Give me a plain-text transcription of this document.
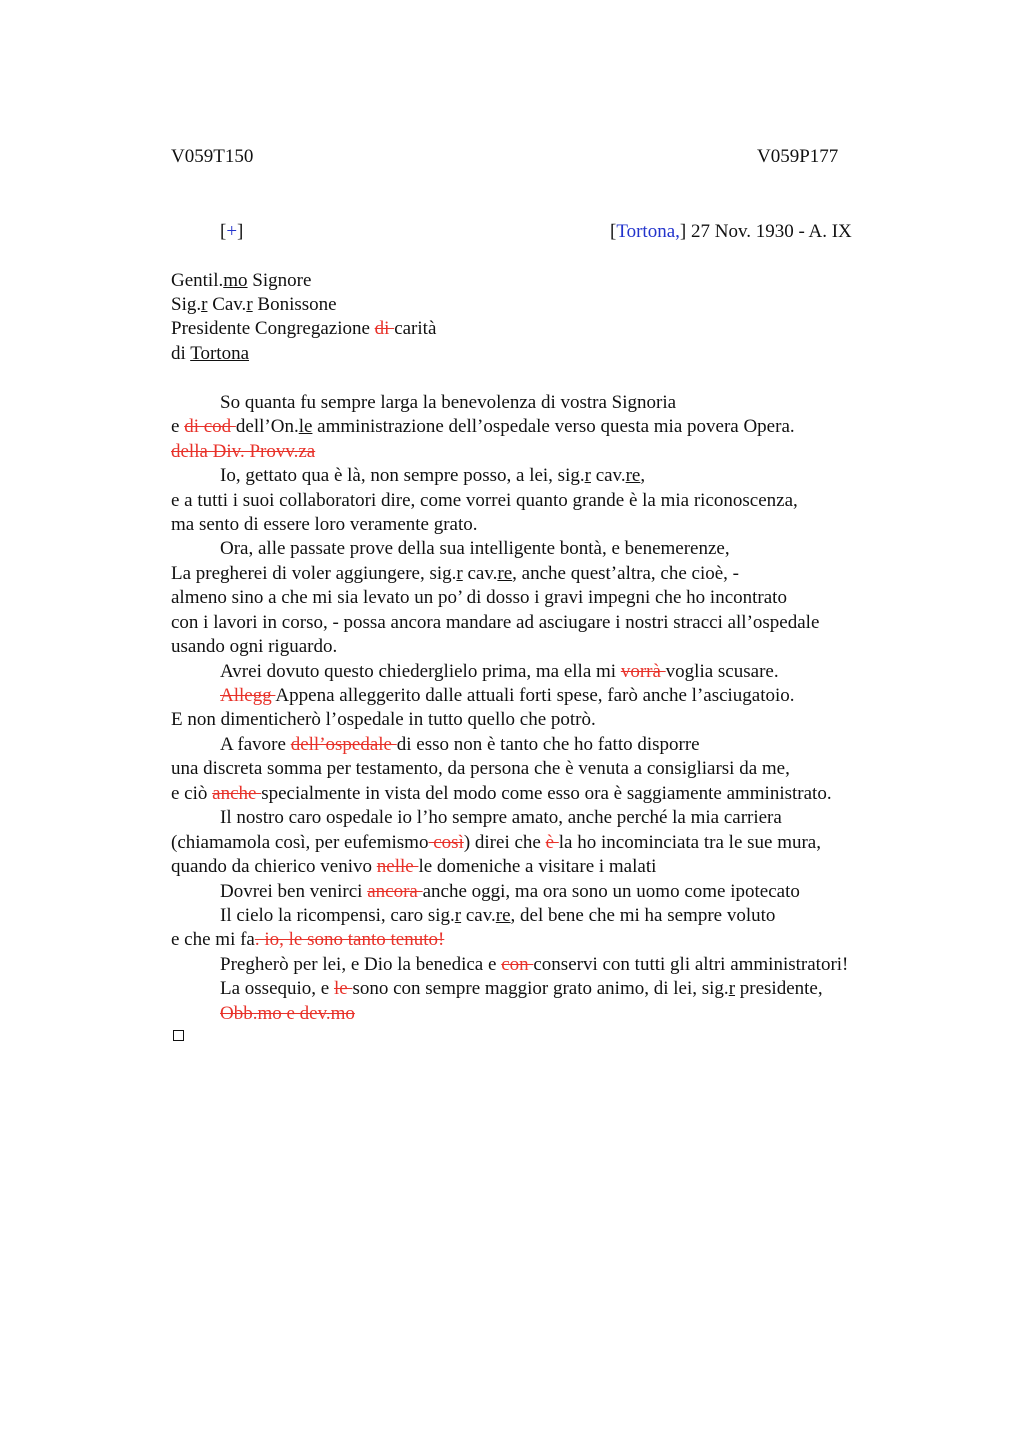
V059T150	V059P177
[+]	[Tortona,] 27 Nov. 1930 - A. IX
Gentil.mo Signore
Sig.r Cav.r Bonissone
Presidente Congregazione di carità
di Tortona
So quanta fu sempre larga la benevolenza di vostra Signoria
e di cod dell’On.le amministrazione dell’ospedale verso questa mia povera Opera.
della Div. Provv.za
Io, gettato qua è là, non sempre posso, a lei, sig.r cav.re,
e a tutti i suoi collaboratori dire, come vorrei quanto grande è la mia riconoscenza,
ma sento di essere loro veramente grato.
Ora, alle passate prove della sua intelligente bontà, e benemerenze,
La pregherei di voler aggiungere, sig.r cav.re, anche quest’altra, che cioè, -
almeno sino a che mi sia levato un po’ di dosso i gravi impegni che ho incontrato
con i lavori in corso, - possa ancora mandare ad asciugare i nostri stracci all’ospedale
usando ogni riguardo.
Avrei dovuto questo chiederglielo prima, ma ella mi vorrà voglia scusare.
Allegg Appena alleggerito dalle attuali forti spese, farò anche l’asciugatoio.
E non dimenticherò l’ospedale in tutto quello che potrò.
A favore dell’ospedale di esso non è tanto che ho fatto disporre
una discreta somma per testamento, da persona che è venuta a consigliarsi da me,
e ciò anche specialmente in vista del modo come esso ora è saggiamente amministrato.
Il nostro caro ospedale io l’ho sempre amato, anche perché la mia carriera
(chiamamola così, per eufemismo così) direi che è la ho incominciata tra le sue mura,
quando da chierico venivo nelle le domeniche a visitare i malati
Dovrei ben venirci ancora anche oggi, ma ora sono un uomo come ipotecato
Il cielo la ricompensi, caro sig.r cav.re, del bene che mi ha sempre voluto
e che mi fa. io, le sono tanto tenuto!
Pregherò per lei, e Dio la benedica e con conservi con tutti gli altri amministratori!
La ossequio, e le sono con sempre maggior grato animo, di lei, sig.r presidente,
Obb.mo e dev.mo
